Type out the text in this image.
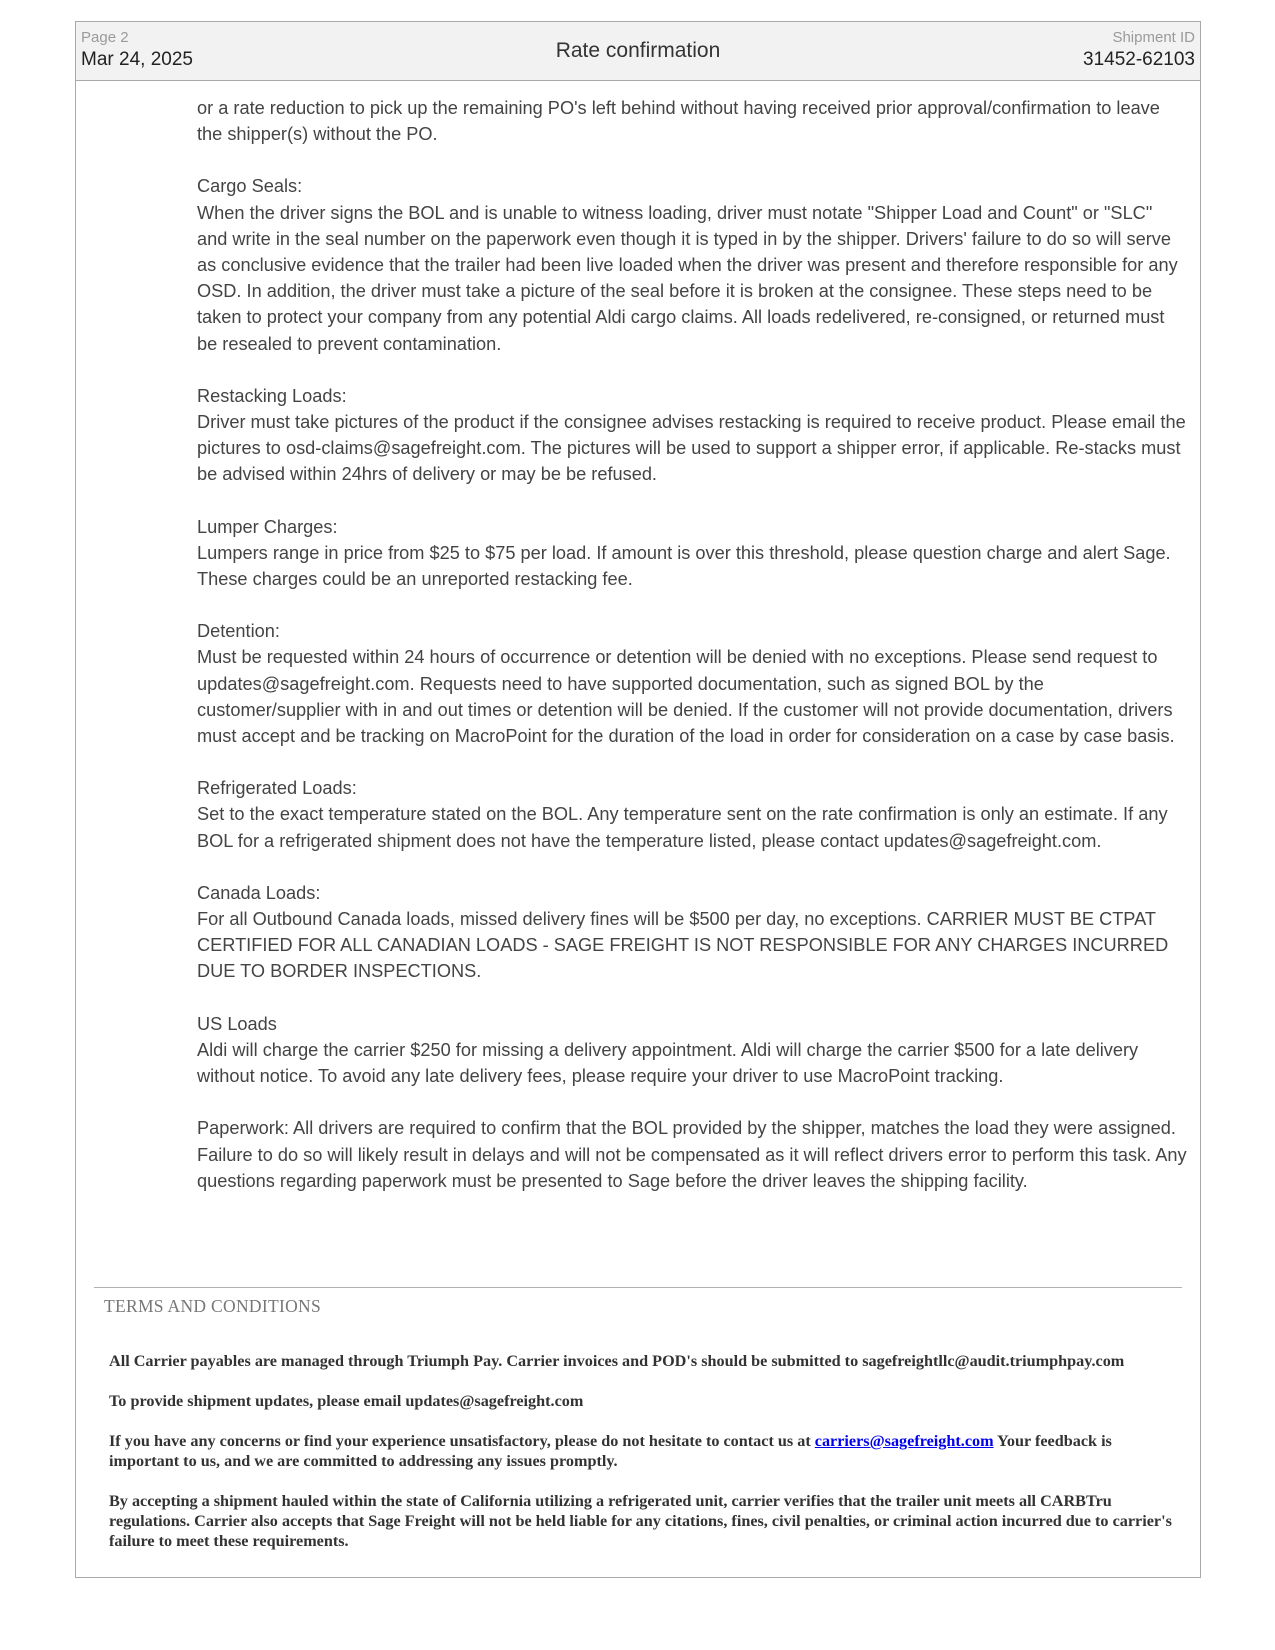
Page 2
Mar 24, 2025	Rate confirmation
Shipment ID
31452-62103

or a rate reduction to pick up the remaining PO's left behind without having received prior approval/confirmation to leave the shipper(s) without the PO.

Cargo Seals:
When the driver signs the BOL and is unable to witness loading, driver must notate "Shipper Load and Count" or "SLC" and write in the seal number on the paperwork even though it is typed in by the shipper. Drivers' failure to do so will serve as conclusive evidence that the trailer had been live loaded when the driver was present and therefore responsible for any OSD. In addition, the driver must take a picture of the seal before it is broken at the consignee. These steps need to be taken to protect your company from any potential Aldi cargo claims. All loads redelivered, re-consigned, or returned must be resealed to prevent contamination.

Restacking Loads:
Driver must take pictures of the product if the consignee advises restacking is required to receive product. Please email the pictures to osd-claims@sagefreight.com. The pictures will be used to support a shipper error, if applicable. Re-stacks must be advised within 24hrs of delivery or may be be refused.

Lumper Charges:
Lumpers range in price from $25 to $75 per load. If amount is over this threshold, please question charge and alert Sage. These charges could be an unreported restacking fee.

Detention:
Must be requested within 24 hours of occurrence or detention will be denied with no exceptions. Please send request to updates@sagefreight.com. Requests need to have supported documentation, such as signed BOL by the customer/supplier with in and out times or detention will be denied. If the customer will not provide documentation, drivers must accept and be tracking on MacroPoint for the duration of the load in order for consideration on a case by case basis.

Refrigerated Loads:
Set to the exact temperature stated on the BOL. Any temperature sent on the rate confirmation is only an estimate. If any BOL for a refrigerated shipment does not have the temperature listed, please contact updates@sagefreight.com.

Canada Loads:
For all Outbound Canada loads, missed delivery fines will be $500 per day, no exceptions. CARRIER MUST BE CTPAT CERTIFIED FOR ALL CANADIAN LOADS - SAGE FREIGHT IS NOT RESPONSIBLE FOR ANY CHARGES INCURRED DUE TO BORDER INSPECTIONS.

US Loads
Aldi will charge the carrier $250 for missing a delivery appointment. Aldi will charge the carrier $500 for a late delivery without notice. To avoid any late delivery fees, please require your driver to use MacroPoint tracking.

Paperwork: All drivers are required to confirm that the BOL provided by the shipper, matches the load they were assigned. Failure to do so will likely result in delays and will not be compensated as it will reflect drivers error to perform this task. Any questions regarding paperwork must be presented to Sage before the driver leaves the shipping facility.

TERMS AND CONDITIONS

All Carrier payables are managed through Triumph Pay. Carrier invoices and POD's should be submitted to sagefreightllc@audit.triumphpay.com

To provide shipment updates, please email updates@sagefreight.com

If you have any concerns or find your experience unsatisfactory, please do not hesitate to contact us at carriers@sagefreight.com Your feedback is important to us, and we are committed to addressing any issues promptly.

By accepting a shipment hauled within the state of California utilizing a refrigerated unit, carrier verifies that the trailer unit meets all CARBTru regulations. Carrier also accepts that Sage Freight will not be held liable for any citations, fines, civil penalties, or criminal action incurred due to carrier's failure to meet these requirements.
